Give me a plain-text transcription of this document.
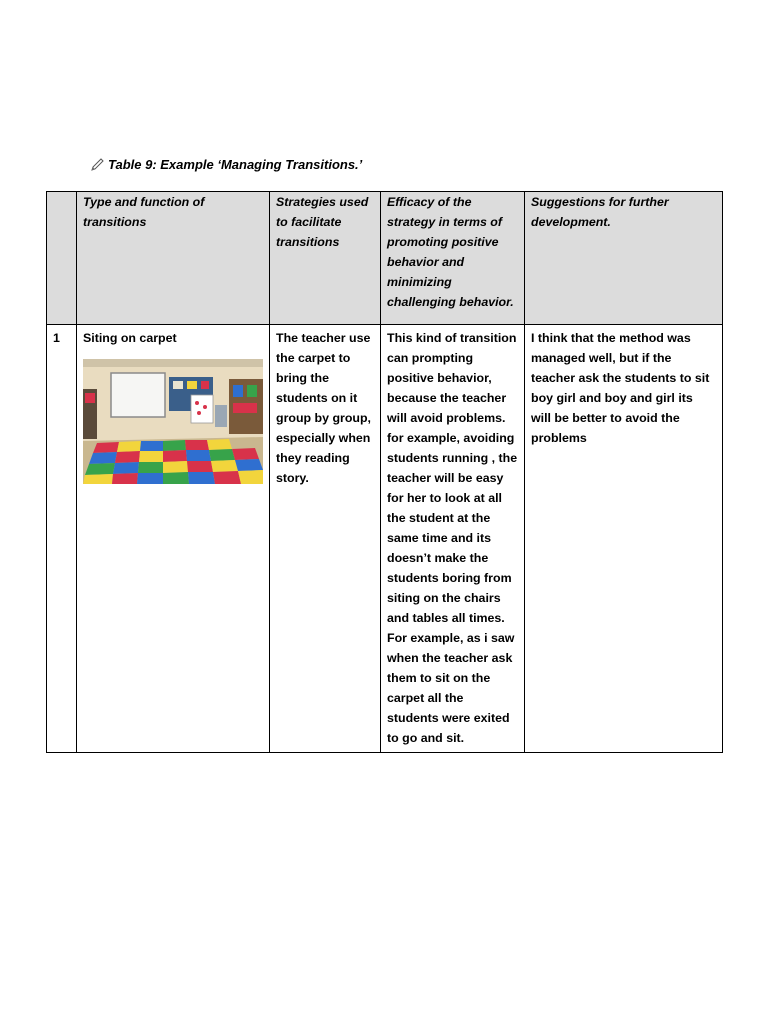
Table 9: Example ‘Managing Transitions.’
	Type and function of transitions	Strategies used to facilitate transitions	Efficacy of the strategy in terms of promoting positive behavior and minimizing challenging behavior.	Suggestions for further development.
1	Siting on carpet	The teacher use the carpet to bring the students on it group by group, especially when they reading story.	This kind of transition can prompting positive behavior, because the teacher will avoid problems. for example, avoiding students running , the teacher will be easy for her to look at all the student at the same time and its doesn’t make the students boring from siting on the chairs and tables all times. For example, as i saw when the teacher ask them to sit on the carpet all the students were exited to go and sit.	I think that the method was managed well, but if the teacher ask the students to sit boy girl and boy and girl its will be better to avoid the problems
